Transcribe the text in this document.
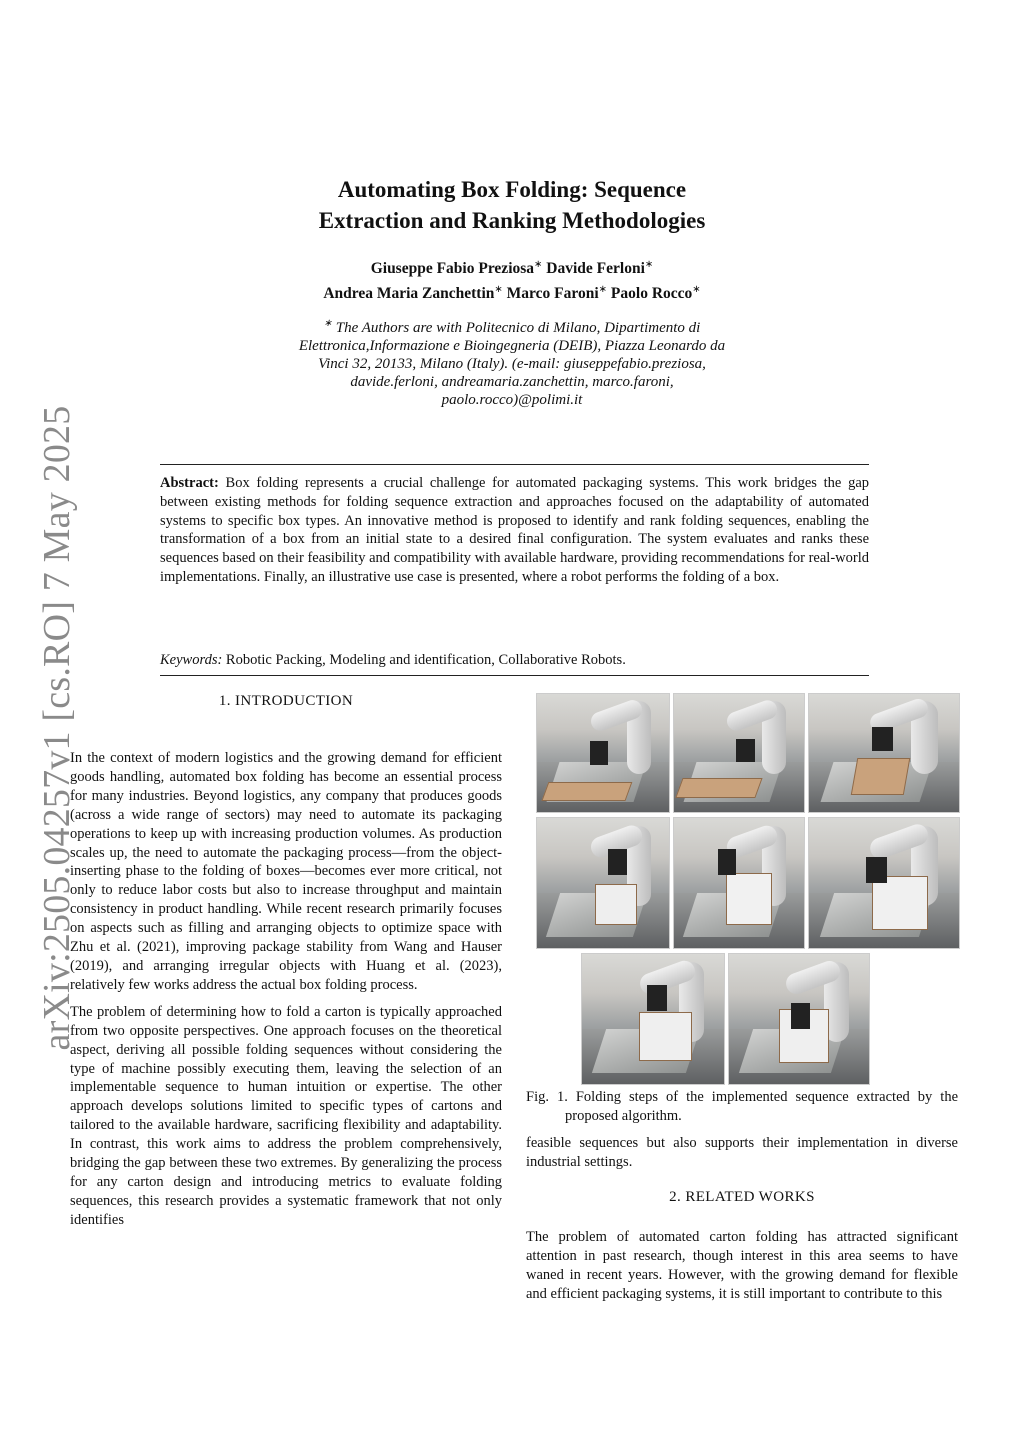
arXiv:2505.04257v1 [cs.RO] 7 May 2025
Automating Box Folding: Sequence
Extraction and Ranking Methodologies
Giuseppe Fabio Preziosa∗ Davide Ferloni∗
Andrea Maria Zanchettin∗ Marco Faroni∗ Paolo Rocco∗
∗ The Authors are with Politecnico di Milano, Dipartimento di
Elettronica,Informazione e Bioingegneria (DEIB), Piazza Leonardo da
Vinci 32, 20133, Milano (Italy). (e-mail: giuseppefabio.preziosa,
davide.ferloni, andreamaria.zanchettin, marco.faroni,
paolo.rocco)@polimi.it
Abstract: Box folding represents a crucial challenge for automated packaging systems. This work bridges the gap between existing methods for folding sequence extraction and approaches focused on the adaptability of automated systems to specific box types. An innovative method is proposed to identify and rank folding sequences, enabling the transformation of a box from an initial state to a desired final configuration. The system evaluates and ranks these sequences based on their feasibility and compatibility with available hardware, providing recommendations for real-world implementations. Finally, an illustrative use case is presented, where a robot performs the folding of a box.
Keywords: Robotic Packing, Modeling and identification, Collaborative Robots.
1. INTRODUCTION

In the context of modern logistics and the growing demand for efficient goods handling, automated box folding has become an essential process for many industries. Beyond logistics, any company that produces goods (across a wide range of sectors) may need to automate its packaging operations to keep up with increasing production volumes. As production scales up, the need to automate the packaging process—from the object-inserting phase to the folding of boxes—becomes ever more critical, not only to reduce labor costs but also to increase throughput and maintain consistency in product handling. While recent research primarily focuses on aspects such as filling and arranging objects to optimize space with Zhu et al. (2021), improving package stability from Wang and Hauser (2019), and arranging irregular objects with Huang et al. (2023), relatively few works address the actual box folding process.

The problem of determining how to fold a carton is typically approached from two opposite perspectives. One approach focuses on the theoretical aspect, deriving all possible folding sequences without considering the type of machine possibly executing them, leaving the selection of an implementable sequence to human intuition or expertise. The other approach develops solutions limited to specific types of cartons and tailored to the available hardware, sacrificing flexibility and adaptability. In contrast, this work aims to address the problem comprehensively, bridging the gap between these two extremes. By generalizing the process for any carton design and introducing metrics to evaluate folding sequences, this research provides a systematic framework that not only identifies

Fig. 1. Folding steps of the implemented sequence extracted by the proposed algorithm.

feasible sequences but also supports their implementation in diverse industrial settings.

2. RELATED WORKS

The problem of automated carton folding has attracted significant attention in past research, though interest in this area seems to have waned in recent years. However, with the growing demand for flexible and efficient packaging systems, it is still important to contribute to this
